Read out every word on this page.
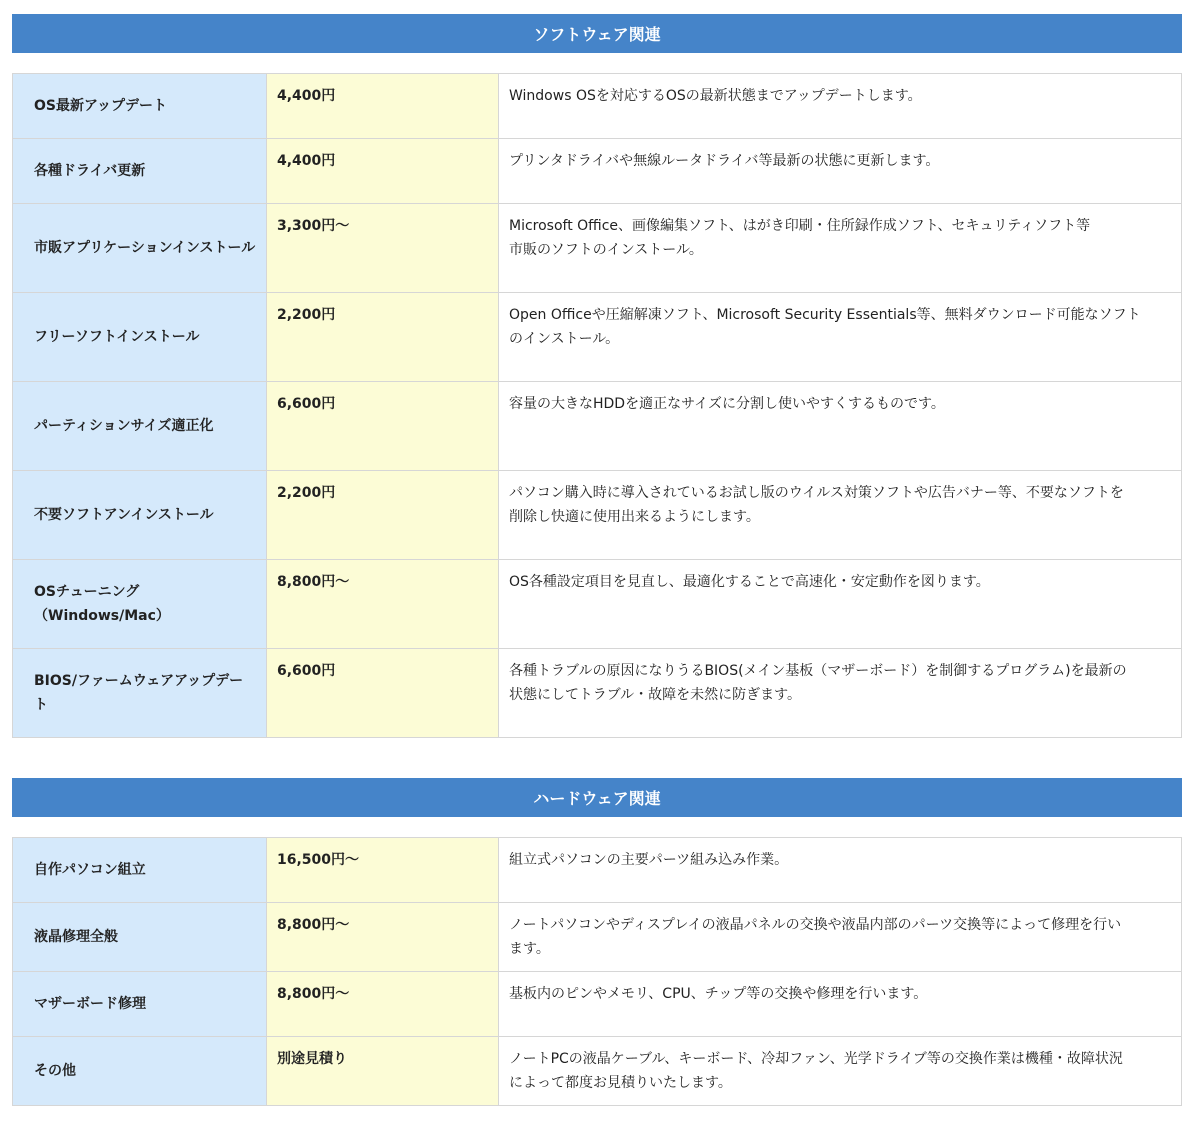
ソフトウェア関連
OS最新アップデート	4,400円	Windows OSを対応するOSの最新状態までアップデートします。

各種ドライバ更新	4,400円	プリンタドライバや無線ルータドライバ等最新の状態に更新します。

市販アプリケーションインストール	3,300円〜	Microsoft Office、画像編集ソフト、はがき印刷・住所録作成ソフト、セキュリティソフト等
市販のソフトのインストール。

フリーソフトインストール	2,200円	Open Officeや圧縮解凍ソフト、Microsoft Security Essentials等、無料ダウンロード可能なソフト
のインストール。

パーティションサイズ適正化	6,600円	容量の大きなHDDを適正なサイズに分割し使いやすくするものです。

不要ソフトアンインストール	2,200円	パソコン購入時に導入されているお試し版のウイルス対策ソフトや広告バナー等、不要なソフトを
削除し快適に使用出来るようにします。

OSチューニング（Windows/Mac）	8,800円〜	OS各種設定項目を見直し、最適化することで高速化・安定動作を図ります。

BIOS/ファームウェアアップデート	6,600円	各種トラブルの原因になりうるBIOS(メイン基板（マザーボード）を制御するプログラム)を最新の
状態にしてトラブル・故障を未然に防ぎます。
ハードウェア関連
自作パソコン組立	16,500円〜	組立式パソコンの主要パーツ組み込み作業。

液晶修理全般	8,800円〜	ノートパソコンやディスプレイの液晶パネルの交換や液晶内部のパーツ交換等によって修理を行い
ます。

マザーボード修理	8,800円〜	基板内のピンやメモリ、CPU、チップ等の交換や修理を行います。

その他	別途見積り	ノートPCの液晶ケーブル、キーボード、冷却ファン、光学ドライブ等の交換作業は機種・故障状況
によって都度お見積りいたします。
